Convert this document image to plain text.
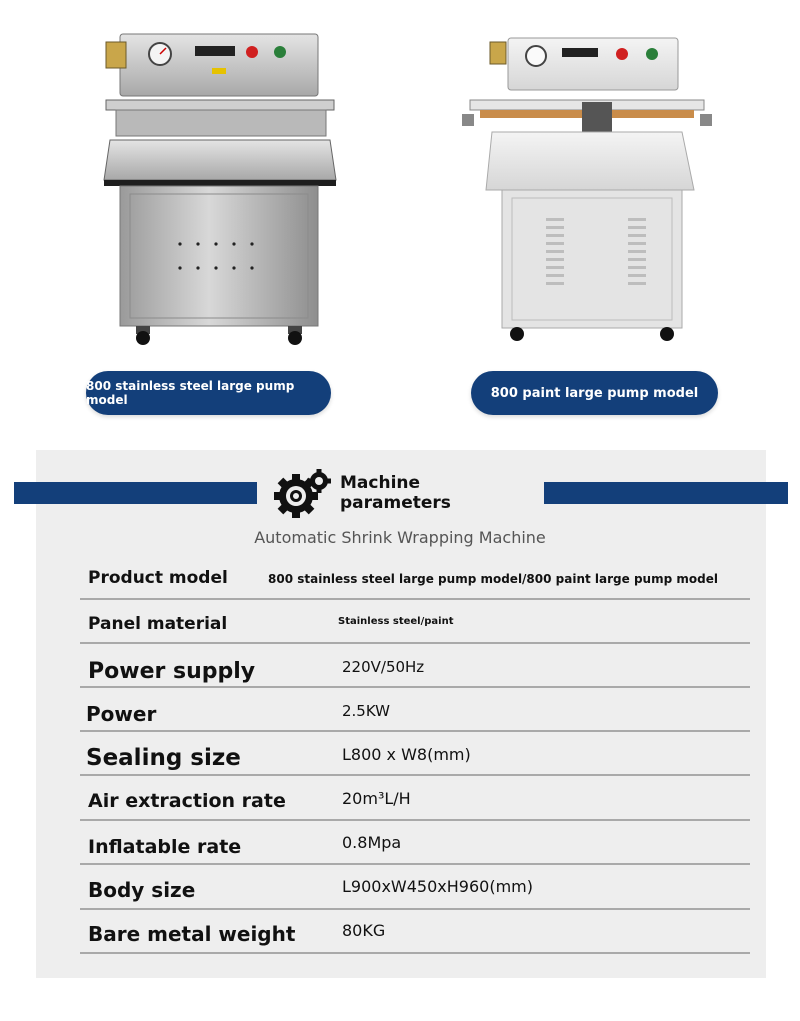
800 stainless steel large pump model	800 paint large pump model
Machine
parameters
Automatic Shrink Wrapping Machine
Product model	800 stainless steel large pump model/800 paint large pump model
Panel material	Stainless steel/paint
Power supply	220V/50Hz
Power	2.5KW
Sealing size	L800 x W8(mm)
Air extraction rate	20m³L/H
Inflatable rate	0.8Mpa
Body size	L900xW450xH960(mm)
Bare metal weight	80KG
